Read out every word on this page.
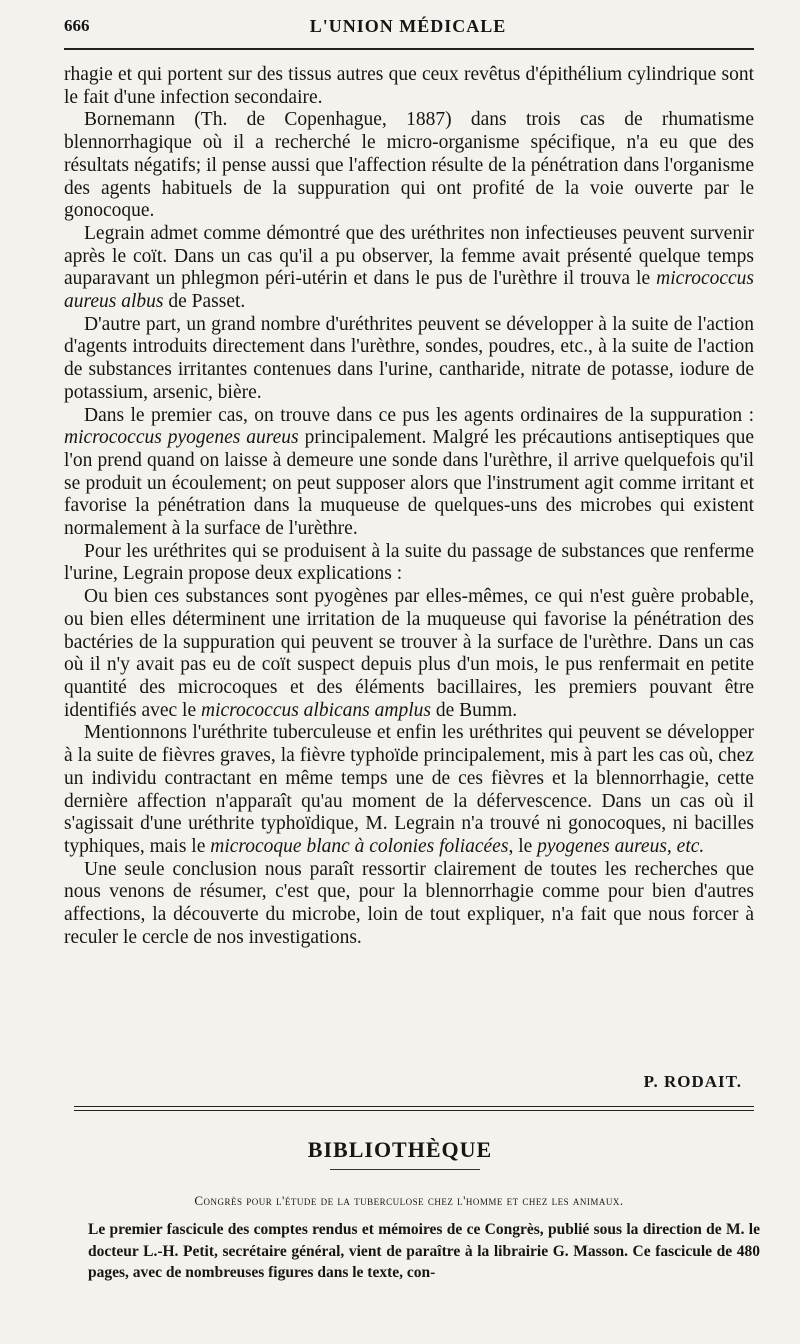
666	L'UNION MÉDICALE

rhagie et qui portent sur des tissus autres que ceux revêtus d'épithélium cylindrique sont le fait d'une infection secondaire.

Bornemann (Th. de Copenhague, 1887) dans trois cas de rhumatisme blennorrhagique où il a recherché le micro-organisme spécifique, n'a eu que des résultats négatifs; il pense aussi que l'affection résulte de la pénétration dans l'organisme des agents habituels de la suppuration qui ont profité de la voie ouverte par le gonocoque.

Legrain admet comme démontré que des uréthrites non infectieuses peuvent survenir après le coït. Dans un cas qu'il a pu observer, la femme avait présenté quelque temps auparavant un phlegmon péri-utérin et dans le pus de l'urèthre il trouva le micrococcus aureus albus de Passet.

D'autre part, un grand nombre d'uréthrites peuvent se développer à la suite de l'action d'agents introduits directement dans l'urèthre, sondes, poudres, etc., à la suite de l'action de substances irritantes contenues dans l'urine, cantharide, nitrate de potasse, iodure de potassium, arsenic, bière.

Dans le premier cas, on trouve dans ce pus les agents ordinaires de la suppuration : micrococcus pyogenes aureus principalement. Malgré les précautions antiseptiques que l'on prend quand on laisse à demeure une sonde dans l'urèthre, il arrive quelquefois qu'il se produit un écoulement; on peut supposer alors que l'instrument agit comme irritant et favorise la pénétration dans la muqueuse de quelques-uns des microbes qui existent normalement à la surface de l'urèthre.

Pour les uréthrites qui se produisent à la suite du passage de substances que renferme l'urine, Legrain propose deux explications :

Ou bien ces substances sont pyogènes par elles-mêmes, ce qui n'est guère probable, ou bien elles déterminent une irritation de la muqueuse qui favorise la pénétration des bactéries de la suppuration qui peuvent se trouver à la surface de l'urèthre. Dans un cas où il n'y avait pas eu de coït suspect depuis plus d'un mois, le pus renfermait en petite quantité des microcoques et des éléments bacillaires, les premiers pouvant être identifiés avec le micrococcus albicans amplus de Bumm.

Mentionnons l'uréthrite tuberculeuse et enfin les uréthrites qui peuvent se développer à la suite de fièvres graves, la fièvre typhoïde principalement, mis à part les cas où, chez un individu contractant en même temps une de ces fièvres et la blennorrhagie, cette dernière affection n'apparaît qu'au moment de la défervescence. Dans un cas où il s'agissait d'une uréthrite typhoïdique, M. Legrain n'a trouvé ni gonocoques, ni bacilles typhiques, mais le microcoque blanc à colonies foliacées, le pyogenes aureus, etc.

Une seule conclusion nous paraît ressortir clairement de toutes les recherches que nous venons de résumer, c'est que, pour la blennorrhagie comme pour bien d'autres affections, la découverte du microbe, loin de tout expliquer, n'a fait que nous forcer à reculer le cercle de nos investigations.

P. RODAIT.
BIBLIOTHÈQUE
Congrès pour l'étude de la tuberculose chez l'homme et chez les animaux.

Le premier fascicule des comptes rendus et mémoires de ce Congrès, publié sous la direction de M. le docteur L.-H. Petit, secrétaire général, vient de paraître à la librairie G. Masson. Ce fascicule de 480 pages, avec de nombreuses figures dans le texte, con-
